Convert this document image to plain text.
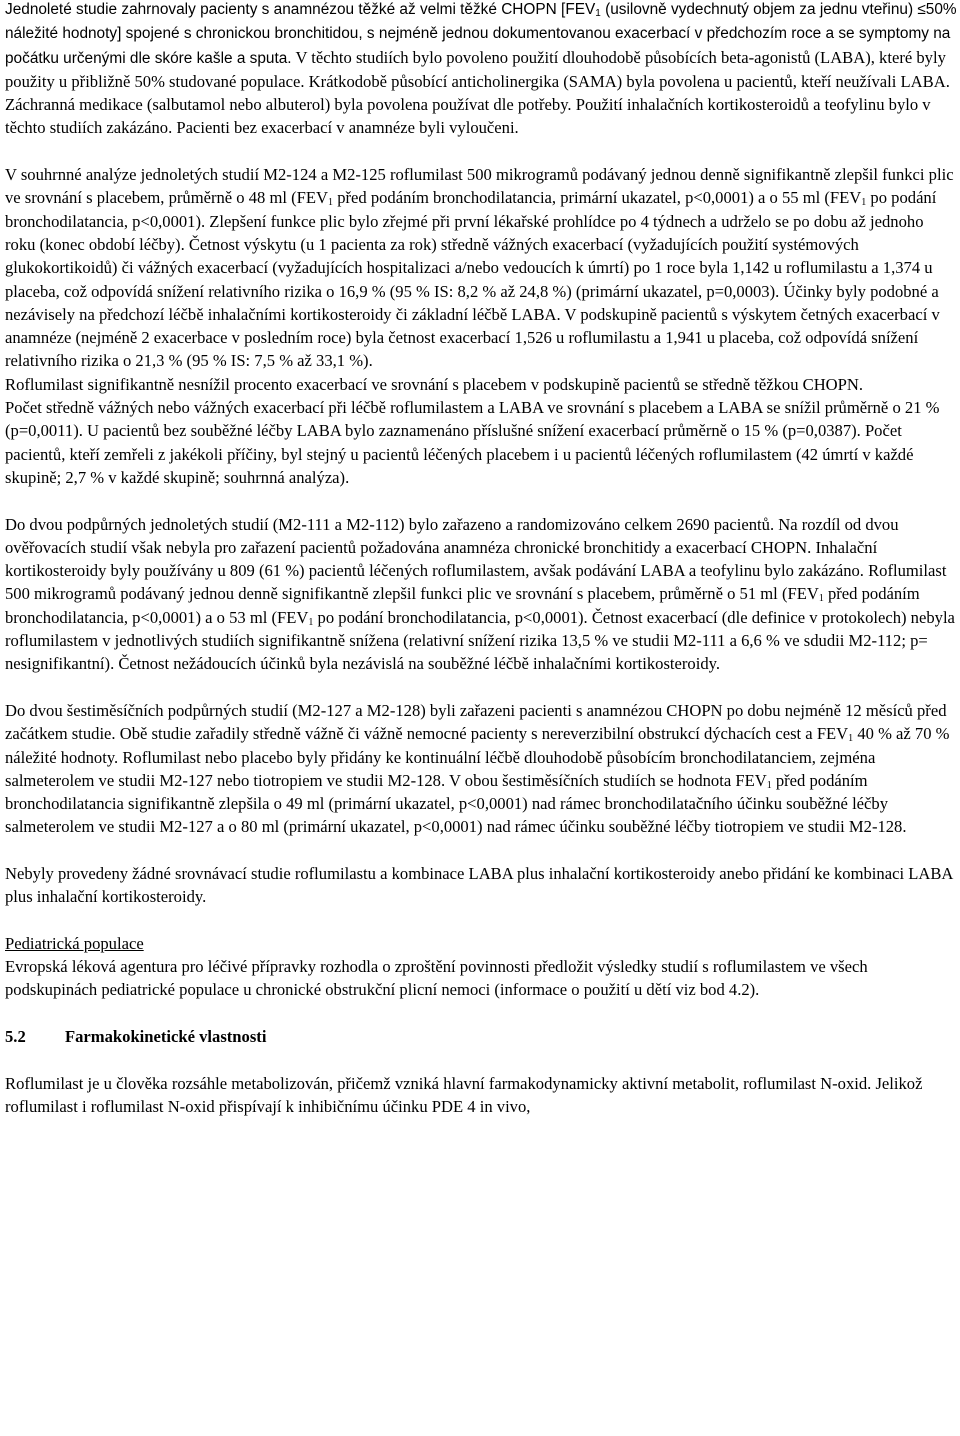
Jednoleté studie zahrnovaly pacienty s anamnézou těžké až velmi těžké CHOPN [$FEV_1$ (usilovně vydechnutý objem za jednu vteřinu) ≤50% náležité hodnoty] spojené s chronickou bronchitidou, s nejméně jednou dokumentovanou exacerbací v předchozím roce a se symptomy na počátku určenými dle skóre kašle a sputa. V těchto studiích bylo povoleno použití dlouhodobě působících beta-agonistů (LABA), které byly použity u přibližně 50% studované populace. Krátkodobě působící anticholinergika (SAMA) byla povolena u pacientů, kteří neužívali LABA. Záchranná medikace (salbutamol nebo albuterol) byla povolena používat dle potřeby. Použití inhalačních kortikosteroidů a teofylinu bylo v těchto studiích zakázáno. Pacienti bez exacerbací v anamnéze byli vyloučeni.

V souhrnné analýze jednoletých studií M2-124 a M2-125 roflumilast 500 mikrogramů podávaný jednou denně signifikantně zlepšil funkci plic ve srovnání s placebem, průměrně o 48 ml ($FEV_1$ před podáním bronchodilatancia, primární ukazatel, p<0,0001) a o 55 ml ($FEV_1$ po podání bronchodilatancia, p<0,0001). Zlepšení funkce plic bylo zřejmé při první lékařské prohlídce po 4 týdnech a udrželo se po dobu až jednoho roku (konec období léčby). Četnost výskytu (u 1 pacienta za rok) středně vážných exacerbací (vyžadujících použití systémových glukokortikoidů) či vážných exacerbací (vyžadujících hospitalizaci a/nebo vedoucích k úmrtí) po 1 roce byla 1,142 u roflumilastu a 1,374 u placeba, což odpovídá snížení relativního rizika o 16,9 % (95 % IS: 8,2 % až 24,8 %) (primární ukazatel, p=0,0003). Účinky byly podobné a nezávisely na předchozí léčbě inhalačními kortikosteroidy či základní léčbě LABA. V podskupině pacientů s výskytem četných exacerbací v anamnéze (nejméně 2 exacerbace v posledním roce) byla četnost exacerbací 1,526 u roflumilastu a 1,941 u placeba, což odpovídá snížení relativního rizika o 21,3 % (95 % IS: 7,5 % až 33,1 %).

Roflumilast signifikantně nesnížil procento exacerbací ve srovnání s placebem v podskupině pacientů se středně těžkou CHOPN.

Počet středně vážných nebo vážných exacerbací při léčbě roflumilastem a LABA ve srovnání s placebem a LABA se snížil průměrně o 21 % (p=0,0011). U pacientů bez souběžné léčby LABA bylo zaznamenáno příslušné snížení exacerbací průměrně o 15 % (p=0,0387). Počet pacientů, kteří zemřeli z jakékoli příčiny, byl stejný u pacientů léčených placebem i u pacientů léčených roflumilastem (42 úmrtí v každé skupině; 2,7 % v každé skupině; souhrnná analýza).

Do dvou podpůrných jednoletých studií (M2-111 a M2-112) bylo zařazeno a randomizováno celkem 2690 pacientů. Na rozdíl od dvou ověřovacích studií však nebyla pro zařazení pacientů požadována anamnéza chronické bronchitidy a exacerbací CHOPN. Inhalační kortikosteroidy byly používány u 809 (61 %) pacientů léčených roflumilastem, avšak podávání LABA a teofylinu bylo zakázáno. Roflumilast 500 mikrogramů podávaný jednou denně signifikantně zlepšil funkci plic ve srovnání s placebem, průměrně o 51 ml ($FEV_1$ před podáním bronchodilatancia, p<0,0001) a o 53 ml ($FEV_1$ po podání bronchodilatancia, p<0,0001). Četnost exacerbací (dle definice v protokolech) nebyla roflumilastem v jednotlivých studiích signifikantně snížena (relativní snížení rizika 13,5 % ve studii M2-111 a 6,6 % ve sdudii M2-112; p= nesignifikantní). Četnost nežádoucích účinků byla nezávislá na souběžné léčbě inhalačními kortikosteroidy.

Do dvou šestiměsíčních podpůrných studií (M2-127 a M2-128) byli zařazeni pacienti s anamnézou CHOPN po dobu nejméně 12 měsíců před začátkem studie. Obě studie zařadily středně vážně či vážně nemocné pacienty s nereverzibilní obstrukcí dýchacích cest a $FEV_1$ 40 % až 70 % náležité hodnoty. Roflumilast nebo placebo byly přidány ke kontinuální léčbě dlouhodobě působícím bronchodilatanciem, zejména salmeterolem ve studii M2-127 nebo tiotropiem ve studii M2-128. V obou šestiměsíčních studiích se hodnota $FEV_1$ před podáním bronchodilatancia signifikantně zlepšila o 49 ml (primární ukazatel, p<0,0001) nad rámec bronchodilatačního účinku souběžné léčby salmeterolem ve studii M2-127 a o 80 ml (primární ukazatel, p<0,0001) nad rámec účinku souběžné léčby tiotropiem ve studii M2-128.

Nebyly provedeny žádné srovnávací studie roflumilastu a kombinace LABA plus inhalační kortikosteroidy anebo přidání ke kombinaci LABA plus inhalační kortikosteroidy.

Pediatrická populace

Evropská léková agentura pro léčivé přípravky rozhodla o zproštění povinnosti předložit výsledky studií s roflumilastem ve všech podskupinách pediatrické populace u chronické obstrukční plicní nemoci (informace o použití u dětí viz bod 4.2).

5.2 Farmakokinetické vlastnosti

Roflumilast je u člověka rozsáhle metabolizován, přičemž vzniká hlavní farmakodynamicky aktivní metabolit, roflumilast N-oxid. Jelikož roflumilast i roflumilast N-oxid přispívají k inhibičnímu účinku PDE 4 in vivo,
